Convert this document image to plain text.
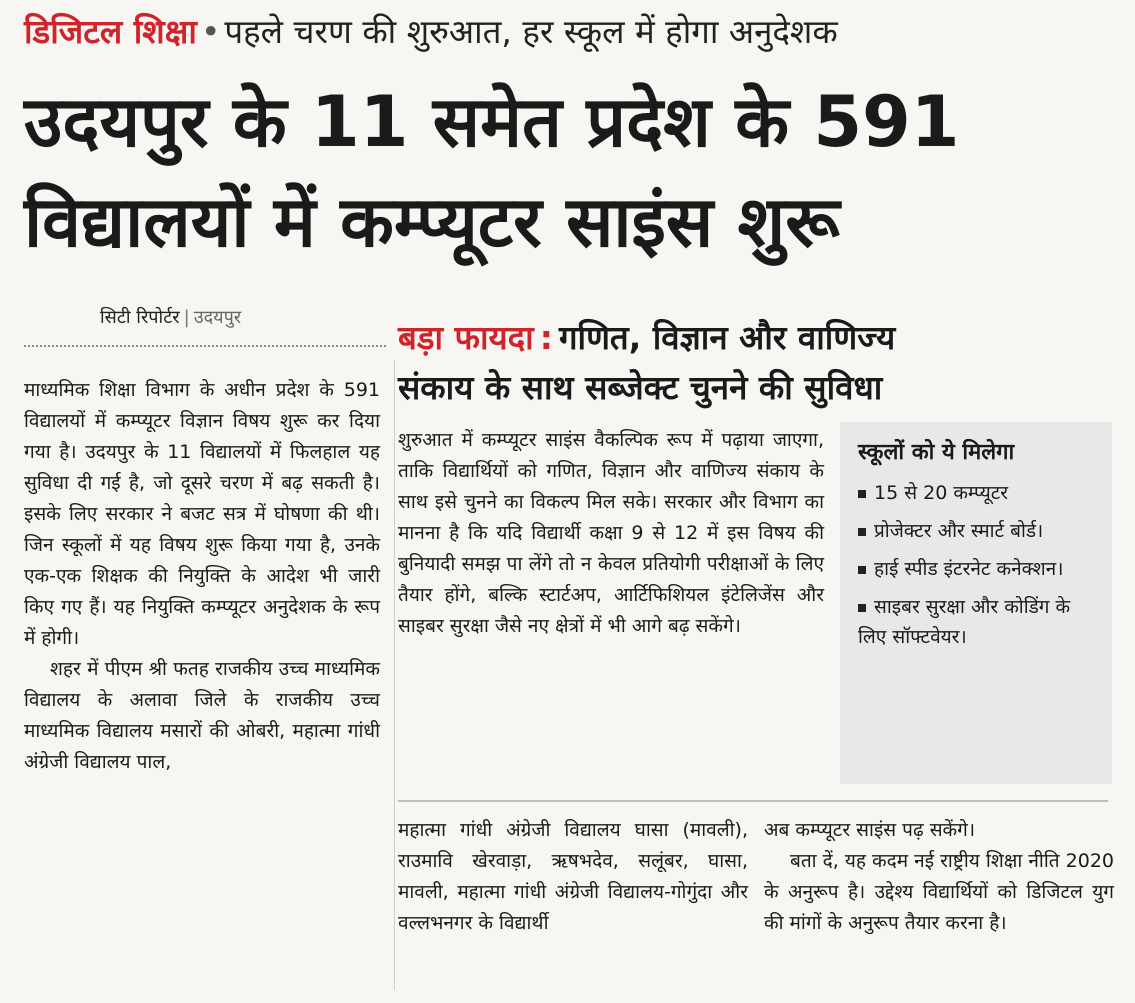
डिजिटल शिक्षा • पहले चरण की शुरुआत, हर स्कूल में होगा अनुदेशक
उदयपुर के 11 समेत प्रदेश के 591
विद्यालयों में कम्प्यूटर साइंस शुरू
सिटी रिपोर्टर | उदयपुर
बड़ा फायदा : गणित, विज्ञान और वाणिज्य
संकाय के साथ सब्जेक्ट चुनने की सुविधा

माध्यमिक शिक्षा विभाग के अधीन प्रदेश के 591 विद्यालयों में कम्प्यूटर विज्ञान विषय शुरू कर दिया गया है। उदयपुर के 11 विद्यालयों में फिलहाल यह सुविधा दी गई है, जो दूसरे चरण में बढ़ सकती है। इसके लिए सरकार ने बजट सत्र में घोषणा की थी। जिन स्कूलों में यह विषय शुरू किया गया है, उनके एक-एक शिक्षक की नियुक्ति के आदेश भी जारी किए गए हैं। यह नियुक्ति कम्प्यूटर अनुदेशक के रूप में होगी।

शहर में पीएम श्री फतह राजकीय उच्च माध्यमिक विद्यालय के अलावा जिले के राजकीय उच्च माध्यमिक विद्यालय मसारों की ओबरी, महात्मा गांधी अंग्रेजी विद्यालय पाल,

शुरुआत में कम्प्यूटर साइंस वैकल्पिक रूप में पढ़ाया जाएगा, ताकि विद्यार्थियों को गणित, विज्ञान और वाणिज्य संकाय के साथ इसे चुनने का विकल्प मिल सके। सरकार और विभाग का मानना है कि यदि विद्यार्थी कक्षा 9 से 12 में इस विषय की बुनियादी समझ पा लेंगे तो न केवल प्रतियोगी परीक्षाओं के लिए तैयार होंगे, बल्कि स्टार्टअप, आर्टिफिशियल इंटेलिजेंस और साइबर सुरक्षा जैसे नए क्षेत्रों में भी आगे बढ़ सकेंगे।

स्कूलों को ये मिलेगा
15 से 20 कम्प्यूटर
प्रोजेक्टर और स्मार्ट बोर्ड।
हाई स्पीड इंटरनेट कनेक्शन।
साइबर सुरक्षा और कोडिंग के लिए सॉफ्टवेयर।

महात्मा गांधी अंग्रेजी विद्यालय घासा (मावली), राउमावि खेरवाड़ा, ऋषभदेव, सलूंबर, घासा, मावली, महात्मा गांधी अंग्रेजी विद्यालय-गोगुंदा और वल्लभनगर के विद्यार्थी

अब कम्प्यूटर साइंस पढ़ सकेंगे।

बता दें, यह कदम नई राष्ट्रीय शिक्षा नीति 2020 के अनुरूप है। उद्देश्य विद्यार्थियों को डिजिटल युग की मांगों के अनुरूप तैयार करना है।
